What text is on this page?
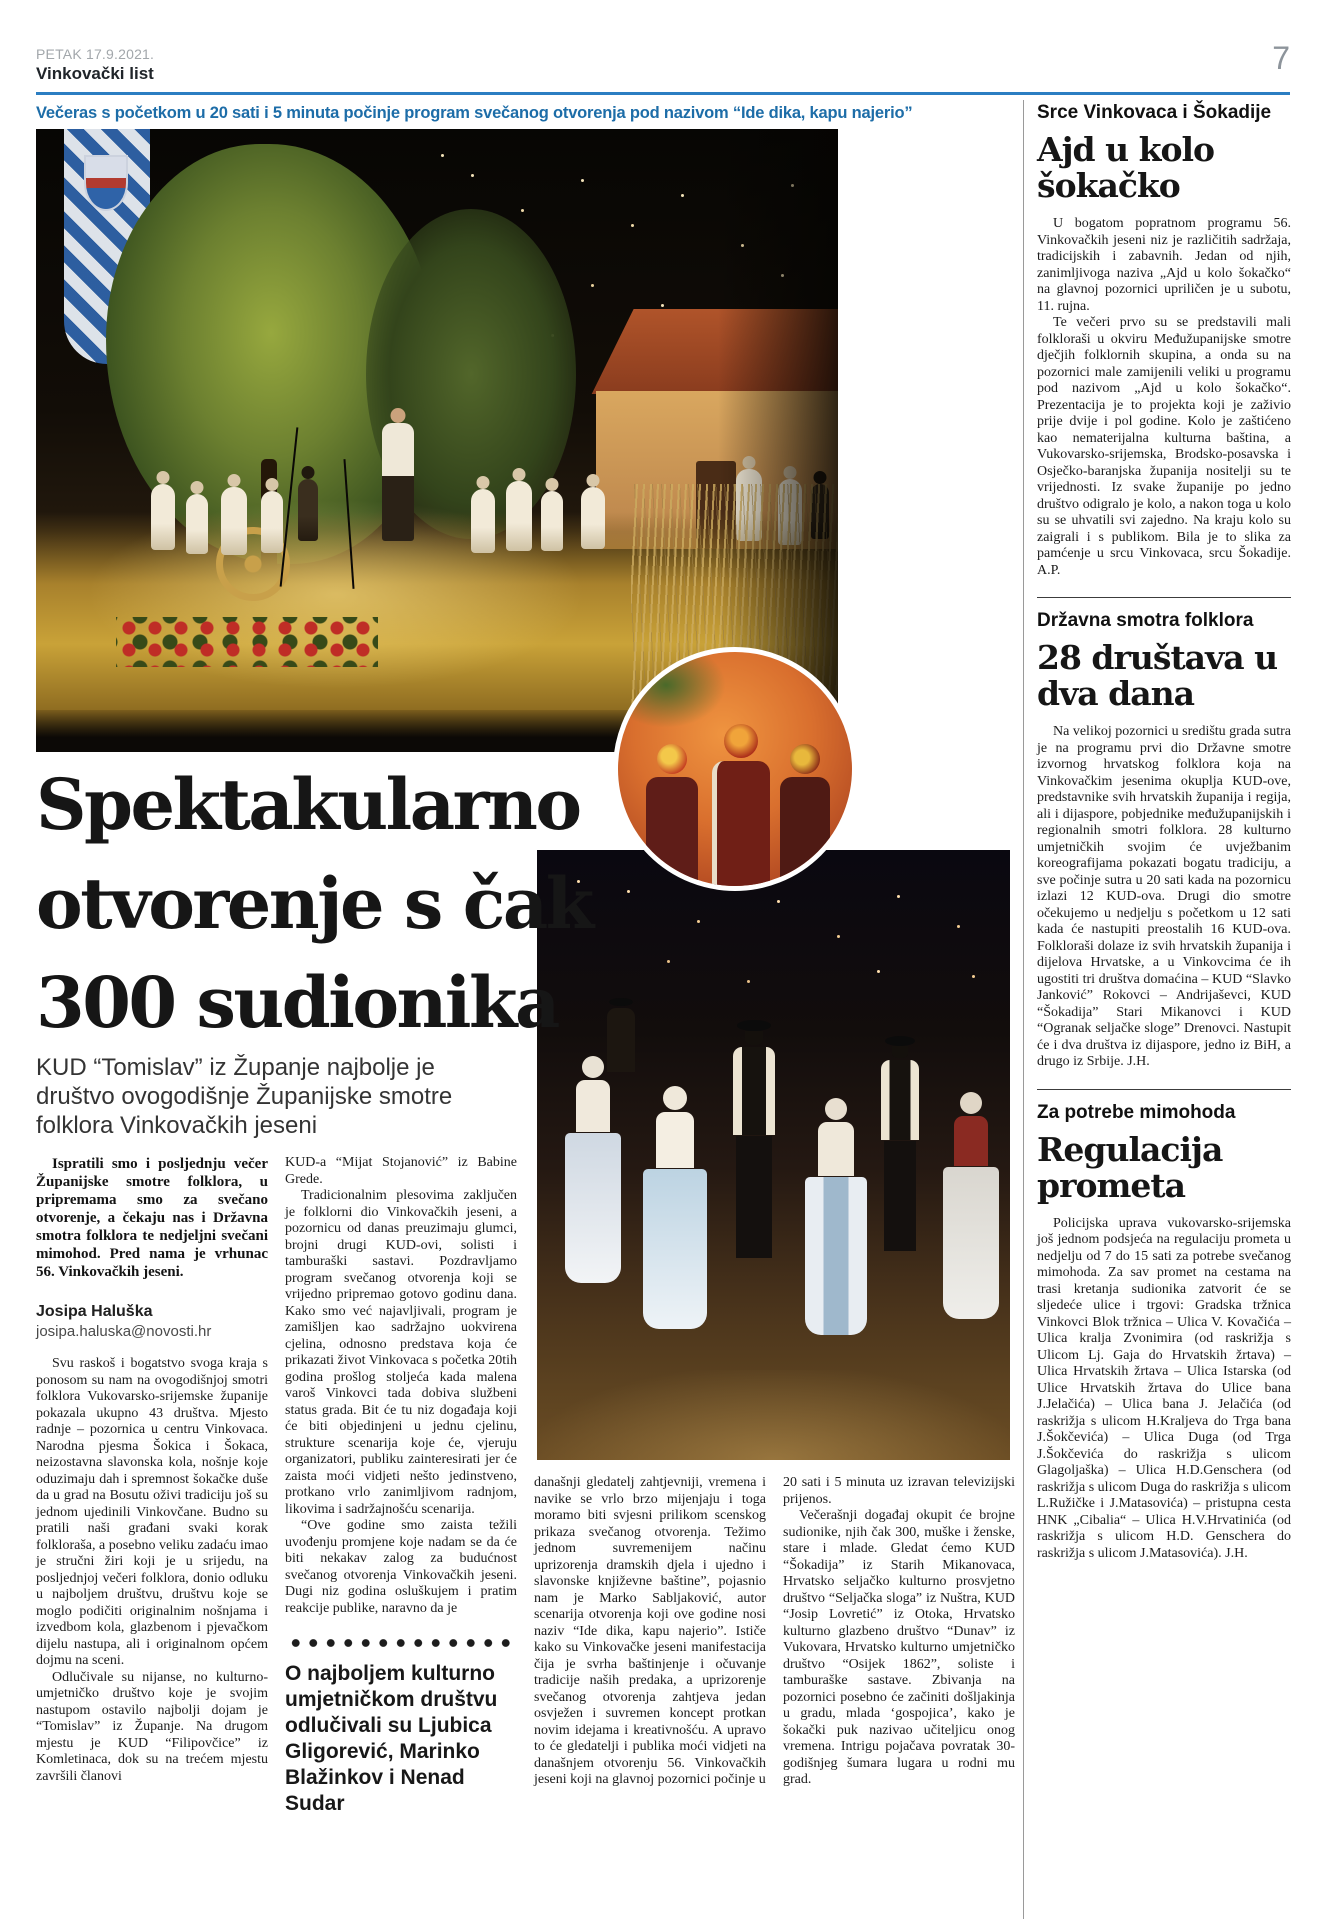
PETAK 17.9.2021.
Vinkovački list	7
Večeras s početkom u 20 sati i 5 minuta počinje program svečanog otvorenja pod nazivom “Ide dika, kapu najerio”
Spektakularno
otvorenje s čak
300 sudionika
KUD “Tomislav” iz Županje najbolje je društvo ovogodišnje Županijske smotre folklora Vinkovačkih jeseni

Ispratili smo i posljednju večer Županijske smotre folklora, u pripremama smo za svečano otvorenje, a čekaju nas i Državna smotra folklora te nedjeljni svečani mimohod. Pred nama je vrhunac 56. Vinkovačkih jeseni.

Josipa Haluška
josipa.haluska@novosti.hr

Svu raskoš i bogatstvo svoga kraja s ponosom su nam na ovogodišnjoj smotri folklora Vukovarsko-srijemske županije pokazala ukupno 43 društva. Mjesto radnje – pozornica u centru Vinkovaca. Narodna pjesma Šokica i Šokaca, neizostavna slavonska kola, nošnje koje oduzimaju dah i spremnost šokačke duše da u grad na Bosutu oživi tradiciju još su jednom ujedinili Vinkovčane. Budno su pratili naši građani svaki korak folkloraša, a posebno veliku zadaću imao je stručni žiri koji je u srijedu, na posljednjoj večeri folklora, donio odluku u najboljem društvu, društvu koje se moglo podičiti originalnim nošnjama i izvedbom kola, glazbenom i pjevačkom dijelu nastupa, ali i originalnom općem dojmu na sceni.

Odlučivale su nijanse, no kulturno-umjetničko društvo koje je svojim nastupom ostavilo najbolji dojam je “Tomislav” iz Županje. Na drugom mjestu je KUD “Filipovčice” iz Komletinaca, dok su na trećem mjestu završili članovi

KUD-a “Mijat Stojanović” iz Babine Grede.

Tradicionalnim plesovima zaključen je folklorni dio Vinkovačkih jeseni, a pozornicu od danas preuzimaju glumci, brojni drugi KUD-ovi, solisti i tamburaški sastavi. Pozdravljamo program svečanog otvorenja koji se vrijedno pripremao gotovo godinu dana. Kako smo već najavljivali, program je zamišljen kao sadržajno uokvirena cjelina, odnosno predstava koja će prikazati život Vinkovaca s početka 20tih godina prošlog stoljeća kada malena varoš Vinkovci tada dobiva službeni status grada. Bit će tu niz događaja koji će biti objedinjeni u jednu cjelinu, strukture scenarija koje će, vjeruju organizatori, publiku zainteresirati jer će zaista moći vidjeti nešto jedinstveno, protkano vrlo zanimljivom radnjom, likovima i sadržajnošću scenarija.

“Ove godine smo zaista težili uvođenju promjene koje nadam se da će biti nekakav zalog za budućnost svečanog otvorenja Vinkovačkih jeseni. Dugi niz godina osluškujem i pratim reakcije publike, naravno da je

O najboljem kulturno umjetničkom društvu odlučivali su Ljubica Gligorević, Marinko Blažinkov i Nenad Sudar

današnji gledatelj zahtjevniji, vremena i navike se vrlo brzo mijenjaju i toga moramo biti svjesni prilikom scenskog prikaza svečanog otvorenja. Težimo jednom suvremenijem načinu uprizorenja dramskih djela i ujedno i slavonske književne baštine”, pojasnio nam je Marko Sabljaković, autor scenarija otvorenja koji ove godine nosi naziv “Ide dika, kapu najerio”. Ističe kako su Vinkovačke jeseni manifestacija čija je svrha baštinjenje i očuvanje tradicije naših predaka, a uprizorenje svečanog otvorenja zahtjeva jedan osvježen i suvremen koncept protkan novim idejama i kreativnošću. A upravo to će gledatelji i publika moći vidjeti na današnjem otvorenju 56. Vinkovačkih jeseni koji na glavnoj pozornici počinje u

20 sati i 5 minuta uz izravan televizijski prijenos.

Večerašnji događaj okupit će brojne sudionike, njih čak 300, muške i ženske, stare i mlade. Gledat ćemo KUD “Šokadija” iz Starih Mikanovaca, Hrvatsko seljačko kulturno prosvjetno društvo “Seljačka sloga” iz Nuštra, KUD “Josip Lovretić” iz Otoka, Hrvatsko kulturno glazbeno društvo “Dunav” iz Vukovara, Hrvatsko kulturno umjetničko društvo “Osijek 1862”, soliste i tamburaške sastave. Zbivanja na pozornici posebno će začiniti došljakinja u gradu, mlada ‘gospojica’, kako je šokački puk nazivao učiteljicu onog vremena. Intrigu pojačava povratak 30-godišnjeg šumara lugara u rodni mu grad.

Srce Vinkovaca i Šokadije
Ajd u kolo šokačko

U bogatom popratnom programu 56. Vinkovačkih jeseni niz je različitih sadržaja, tradicijskih i zabavnih. Jedan od njih, zanimljivoga naziva „Ajd u kolo šokačko“ na glavnoj pozornici upriličen je u subotu, 11. rujna.

Te večeri prvo su se predstavili mali folkloraši u okviru Međužupanijske smotre dječjih folklornih skupina, a onda su na pozornici male zamijenili veliki u programu pod nazivom „Ajd u kolo šokačko“. Prezentacija je to projekta koji je zaživio prije dvije i pol godine. Kolo je zaštićeno kao nematerijalna kulturna baština, a Vukovarsko-srijemska, Brodsko-posavska i Osječko-baranjska županija nositelji su te vrijednosti. Iz svake županije po jedno društvo odigralo je kolo, a nakon toga u kolo su se uhvatili svi zajedno. Na kraju kolo su zaigrali i s publikom. Bila je to slika za pamćenje u srcu Vinkovaca, srcu Šokadije. A.P.

Državna smotra folklora
28 društava u dva dana

Na velikoj pozornici u središtu grada sutra je na programu prvi dio Državne smotre izvornog hrvatskog folklora koja na Vinkovačkim jesenima okuplja KUD-ove, predstavnike svih hrvatskih županija i regija, ali i dijaspore, pobjednike međužupanijskih i regionalnih smotri folklora. 28 kulturno umjetničkih svojim će uvježbanim koreografijama pokazati bogatu tradiciju, a sve počinje sutra u 20 sati kada na pozornicu izlazi 12 KUD-ova. Drugi dio smotre očekujemo u nedjelju s početkom u 12 sati kada će nastupiti preostalih 16 KUD-ova. Folkloraši dolaze iz svih hrvatskih županija i dijelova Hrvatske, a u Vinkovcima će ih ugostiti tri društva domaćina – KUD “Slavko Janković” Rokovci – Andrijaševci, KUD “Šokadija” Stari Mikanovci i KUD “Ogranak seljačke sloge” Drenovci. Nastupit će i dva društva iz dijaspore, jedno iz BiH, a drugo iz Srbije. J.H.

Za potrebe mimohoda
Regulacija prometa

Policijska uprava vukovarsko-srijemska još jednom podsjeća na regulaciju prometa u nedjelju od 7 do 15 sati za potrebe svečanog mimohoda. Za sav promet na cestama na trasi kretanja sudionika zatvorit će se sljedeće ulice i trgovi: Gradska tržnica Vinkovci Blok tržnica – Ulica V. Kovačića – Ulica kralja Zvonimira (od raskrižja s Ulicom Lj. Gaja do Hrvatskih žrtava) – Ulica Hrvatskih žrtava – Ulica Istarska (od Ulice Hrvatskih žrtava do Ulice bana J.Jelačića) – Ulica bana J. Jelačića (od raskrižja s ulicom H.Kraljeva do Trga bana J.Šokčevića) – Ulica Duga (od Trga J.Šokčevića do raskrižja s ulicom Glagoljaška) – Ulica H.D.Genschera (od raskrižja s ulicom Duga do raskrižja s ulicom L.Ružičke i J.Matasovića) – pristupna cesta HNK „Cibalia“ – Ulica H.V.Hrvatinića (od raskrižja s ulicom H.D. Genschera do raskrižja s ulicom J.Matasovića). J.H.
